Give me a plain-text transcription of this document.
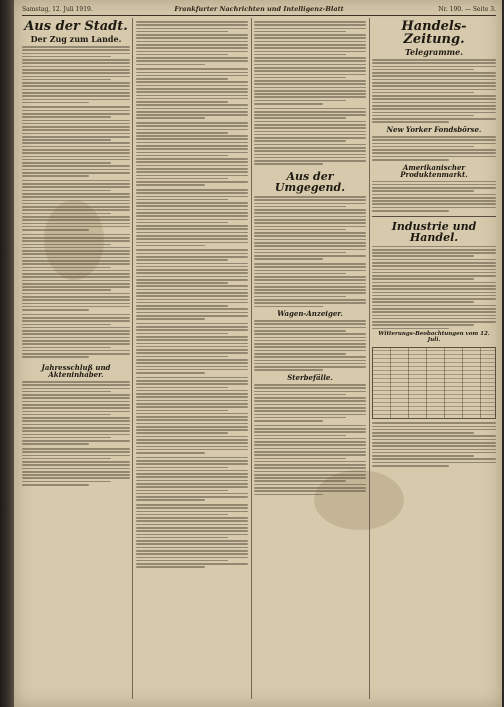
Samstag, 12. Juli 1919.	Frankfurter Nachrichten und Intelligenz-Blatt	Nr. 190. — Seite 3.
Aus der Stadt.
Der Zug zum Lande.
Jahresschluß und Akteninhaber.
Aus der Umgegend.
Wagen-Anzeiger.
Sterbefälle.
Handels-Zeitung.
Telegramme.
New Yorker Fondsbörse.
Amerikanischer Produktenmarkt.
Industrie und Handel.
Witterungs-Beobachtungen vom 12. Juli.
